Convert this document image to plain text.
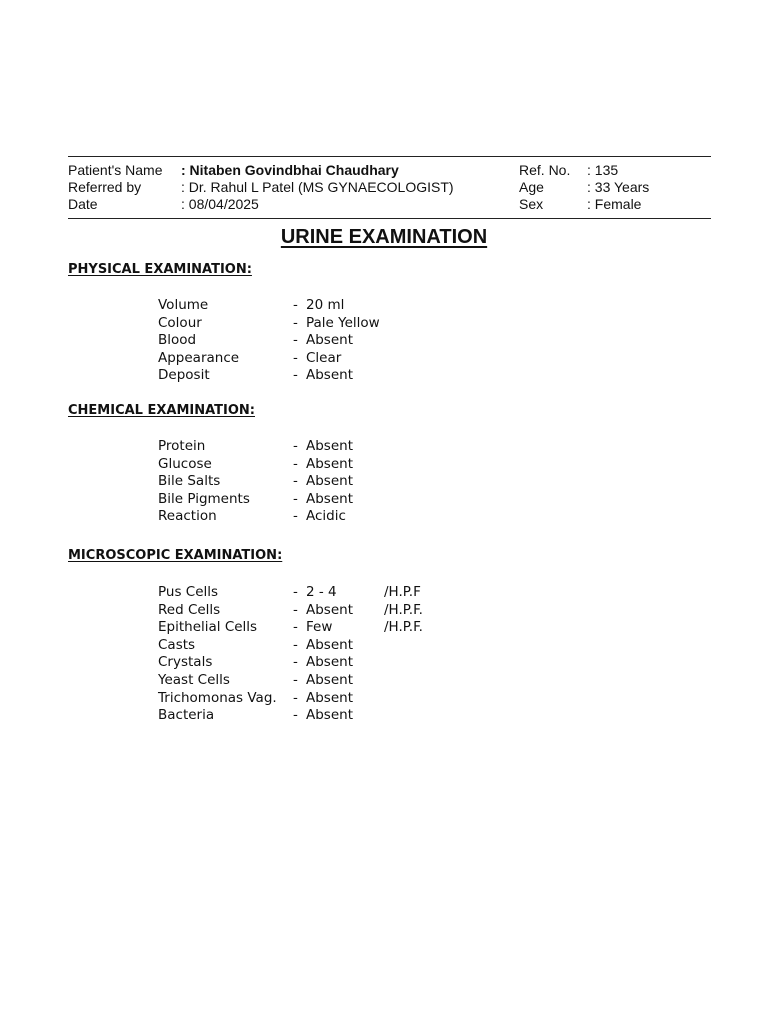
Patient's Name : Nitaben Govindbhai Chaudhary	Ref. No. : 135
Referred by	: Dr. Rahul L Patel (MS GYNAECOLOGIST)	Age	: 33 Years
Date	: 08/04/2025	Sex	: Female
URINE EXAMINATION
PHYSICAL EXAMINATION:
Volume	- 20 ml
Colour	- Pale Yellow
Blood	- Absent
Appearance	- Clear
Deposit	- Absent
CHEMICAL EXAMINATION:
Protein	- Absent
Glucose	- Absent
Bile Salts	- Absent
Bile Pigments	- Absent
Reaction	- Acidic
MICROSCOPIC EXAMINATION:
Pus Cells	- 2 - 4	/H.P.F
Red Cells	- Absent /H.P.F.
Epithelial Cells	- Few	/H.P.F.
Casts	- Absent
Crystals	- Absent
Yeast Cells	- Absent
Trichomonas Vag. - Absent
Bacteria	- Absent
